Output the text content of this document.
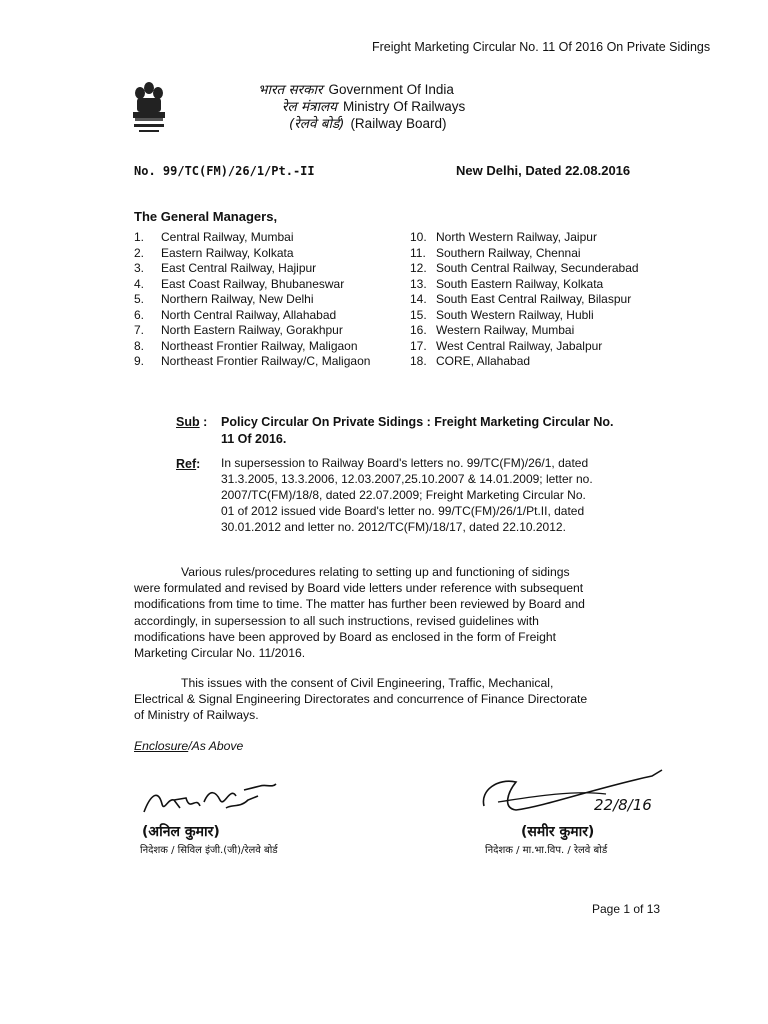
Freight Marketing Circular No. 11 Of 2016 On Private Sidings
भारत सरकार Government Of India
रेल मंत्रालय Ministry Of Railways
(रेलवे बोर्ड) (Railway Board)
No. 99/TC(FM)/26/1/Pt.-II	New Delhi, Dated 22.08.2016
The General Managers,
1. Central Railway, Mumbai
2. Eastern Railway, Kolkata
3. East Central Railway, Hajipur
4. East Coast Railway, Bhubaneswar
5. Northern Railway, New Delhi
6. North Central Railway, Allahabad
7. North Eastern Railway, Gorakhpur
8. Northeast Frontier Railway, Maligaon
9. Northeast Frontier Railway/C, Maligaon
10. North Western Railway, Jaipur
11. Southern Railway, Chennai
12. South Central Railway, Secunderabad
13. South Eastern Railway, Kolkata
14. South East Central Railway, Bilaspur
15. South Western Railway, Hubli
16. Western Railway, Mumbai
17. West Central Railway, Jabalpur
18. CORE, Allahabad
Sub : Policy Circular On Private Sidings : Freight Marketing Circular No.
11 Of 2016.
Ref: In supersession to Railway Board's letters no. 99/TC(FM)/26/1, dated
31.3.2005, 13.3.2006, 12.03.2007,25.10.2007 & 14.01.2009; letter no.
2007/TC(FM)/18/8, dated 22.07.2009; Freight Marketing Circular No.
01 of 2012 issued vide Board's letter no. 99/TC(FM)/26/1/Pt.II, dated
30.01.2012 and letter no. 2012/TC(FM)/18/17, dated 22.10.2012.
Various rules/procedures relating to setting up and functioning of sidings
were formulated and revised by Board vide letters under reference with subsequent
modifications from time to time. The matter has further been reviewed by Board and
accordingly, in supersession to all such instructions, revised guidelines with
modifications have been approved by Board as enclosed in the form of Freight
Marketing Circular No. 11/2016.
This issues with the consent of Civil Engineering, Traffic, Mechanical,
Electrical & Signal Engineering Directorates and concurrence of Finance Directorate
of Ministry of Railways.
Enclosure/As Above
(अनिल कुमार)
निदेशक / सिविल इंजी.(जी)/रेलवे बोर्ड
22/8/16
(समीर कुमार)
निदेशक / मा.भा.विप. / रेलवे बोर्ड
Page 1 of 13
